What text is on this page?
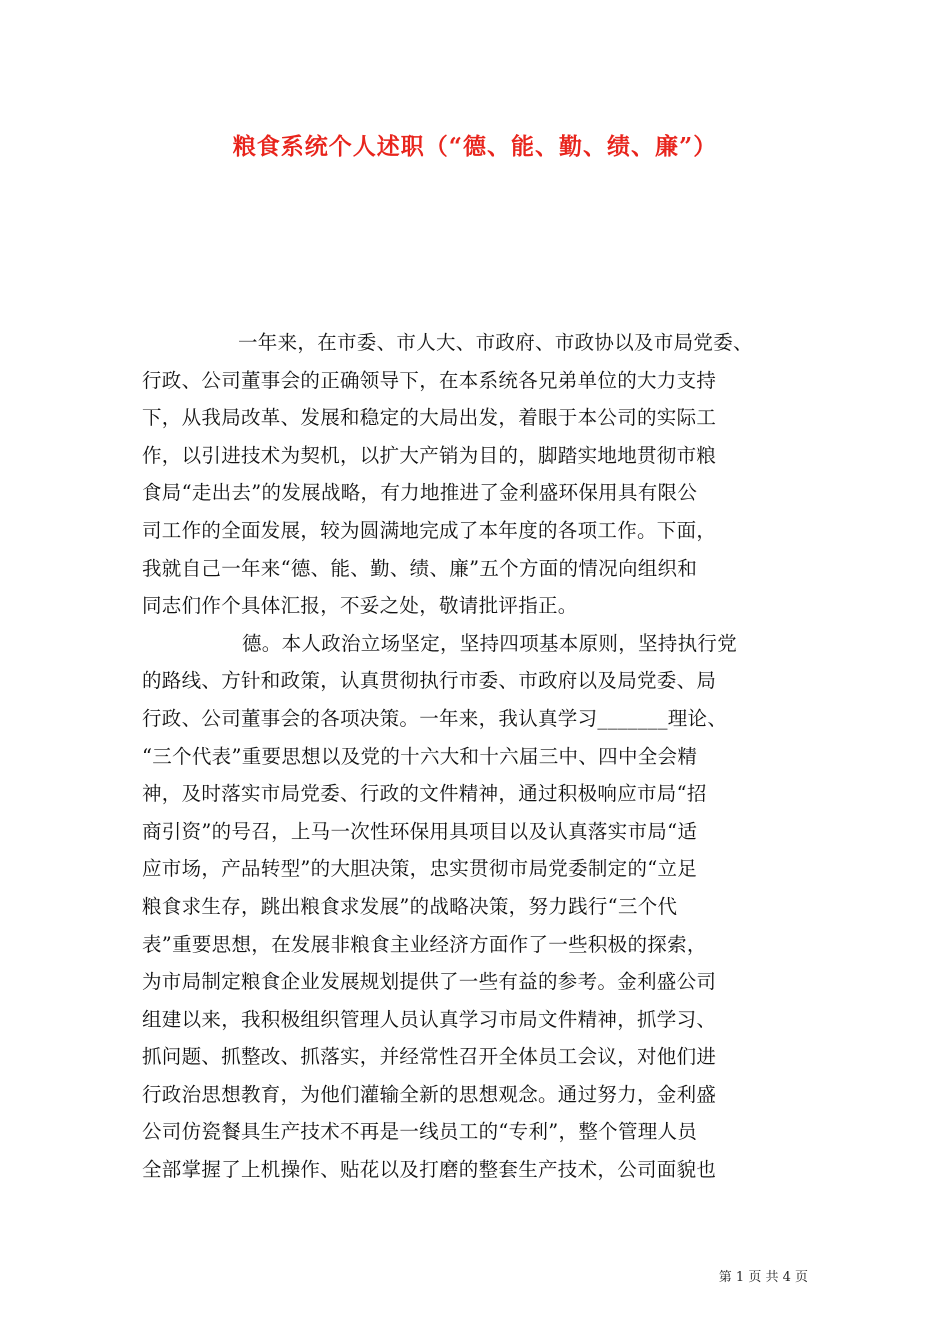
粮食系统个人述职（“德、能、勤、绩、廉”）
一年来，在市委、市人大、市政府、市政协以及市局党委、
行政、公司董事会的正确领导下，在本系统各兄弟单位的大力支持
下，从我局改革、发展和稳定的大局出发，着眼于本公司的实际工
作，以引进技术为契机，以扩大产销为目的，脚踏实地地贯彻市粮
食局“走出去”的发展战略，有力地推进了金利盛环保用具有限公
司工作的全面发展，较为圆满地完成了本年度的各项工作。下面，
我就自己一年来“德、能、勤、绩、廉”五个方面的情况向组织和
同志们作个具体汇报，不妥之处，敬请批评指正。
德。本人政治立场坚定，坚持四项基本原则，坚持执行党
的路线、方针和政策，认真贯彻执行市委、市政府以及局党委、局
行政、公司董事会的各项决策。一年来，我认真学习_______理论、
“三个代表”重要思想以及党的十六大和十六届三中、四中全会精
神，及时落实市局党委、行政的文件精神，通过积极响应市局“招
商引资”的号召，上马一次性环保用具项目以及认真落实市局“适
应市场，产品转型”的大胆决策，忠实贯彻市局党委制定的“立足
粮食求生存，跳出粮食求发展”的战略决策，努力践行“三个代
表”重要思想，在发展非粮食主业经济方面作了一些积极的探索，
为市局制定粮食企业发展规划提供了一些有益的参考。金利盛公司
组建以来，我积极组织管理人员认真学习市局文件精神，抓学习、
抓问题、抓整改、抓落实，并经常性召开全体员工会议，对他们进
行政治思想教育，为他们灌输全新的思想观念。通过努力，金利盛
公司仿瓷餐具生产技术不再是一线员工的“专利”，整个管理人员
全部掌握了上机操作、贴花以及打磨的整套生产技术，公司面貌也
第 1 页 共 4 页
